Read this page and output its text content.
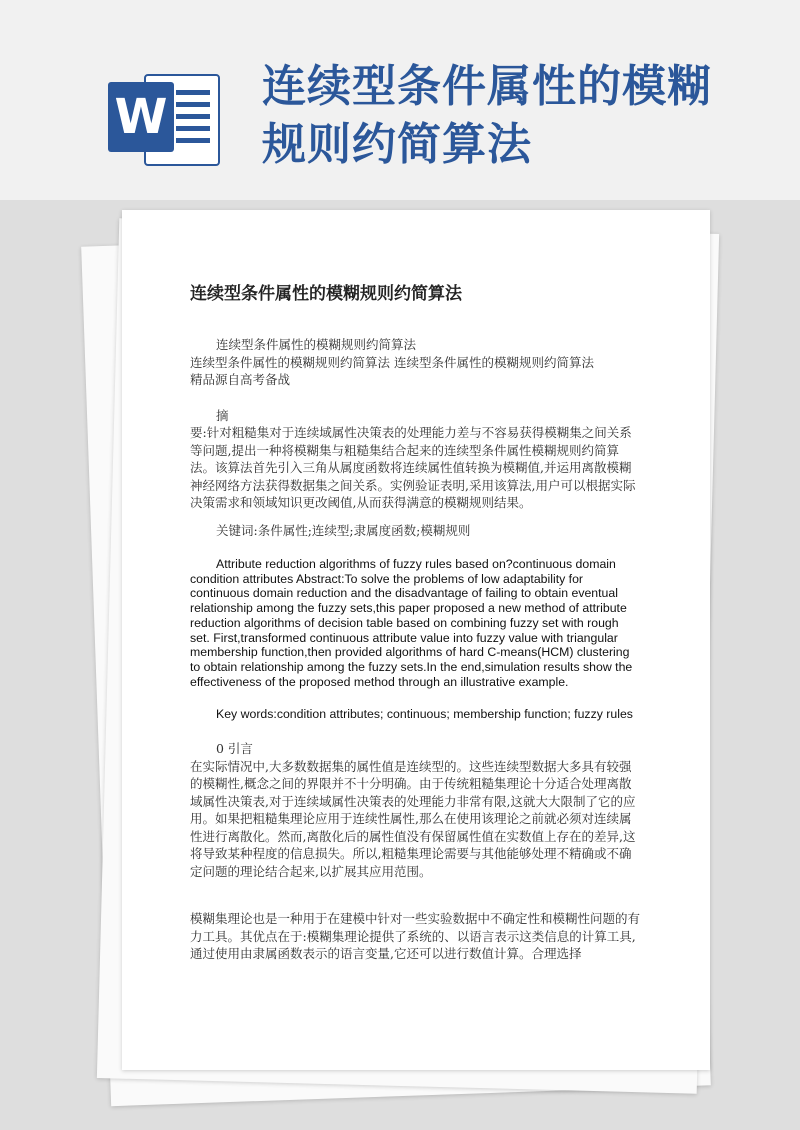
W
连续型条件属性的模糊
规则约简算法
连续型条件属性的模糊规则约简算法

连续型条件属性的模糊规则约简算法

连续型条件属性的模糊规则约简算法 连续型条件属性的模糊规则约简算法

精品源自高考备战

摘

要:针对粗糙集对于连续域属性决策表的处理能力差与不容易获得模糊集之间关系等问题,提出一种将模糊集与粗糙集结合起来的连续型条件属性模糊规则约简算法。该算法首先引入三角从属度函数将连续属性值转换为模糊值,并运用离散模糊神经网络方法获得数据集之间关系。实例验证表明,采用该算法,用户可以根据实际决策需求和领域知识更改阈值,从而获得满意的模糊规则结果。

关键词:条件属性;连续型;隶属度函数;模糊规则

Attribute reduction algorithms of fuzzy rules based on?continuous domain condition attributes Abstract:To solve the problems of low adaptability for continuous domain reduction and the disadvantage of failing to obtain eventual relationship among the fuzzy sets,this paper proposed a new method of attribute reduction algorithms of decision table based on combining fuzzy set with rough set. First,transformed continuous attribute value into fuzzy value with triangular membership function,then provided algorithms of hard C-means(HCM) clustering to obtain relationship among the fuzzy sets.In the end,simulation results show the effectiveness of the proposed method through an illustrative example.

Key words:condition attributes; continuous; membership function; fuzzy rules

0 引言

在实际情况中,大多数数据集的属性值是连续型的。这些连续型数据大多具有较强的模糊性,概念之间的界限并不十分明确。由于传统粗糙集理论十分适合处理离散域属性决策表,对于连续域属性决策表的处理能力非常有限,这就大大限制了它的应用。如果把粗糙集理论应用于连续性属性,那么在使用该理论之前就必须对连续属性进行离散化。然而,离散化后的属性值没有保留属性值在实数值上存在的差异,这将导致某种程度的信息损失。所以,粗糙集理论需要与其他能够处理不精确或不确定问题的理论结合起来,以扩展其应用范围。

模糊集理论也是一种用于在建模中针对一些实验数据中不确定性和模糊性问题的有力工具。其优点在于:模糊集理论提供了系统的、以语言表示这类信息的计算工具,通过使用由隶属函数表示的语言变量,它还可以进行数值计算。合理选择
